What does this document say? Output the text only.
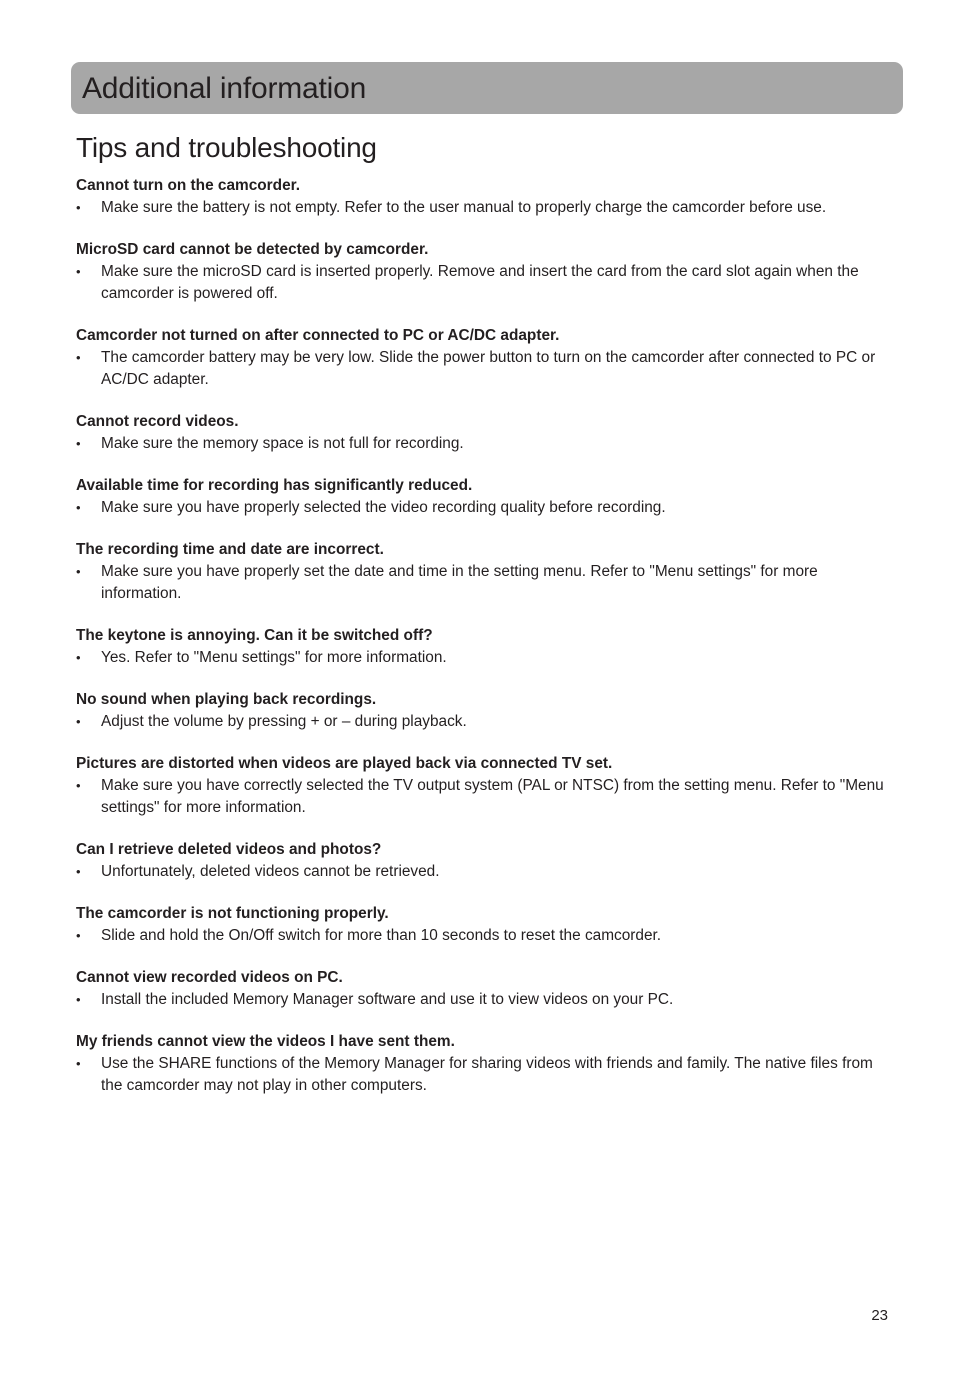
Additional information
Tips and troubleshooting

Cannot turn on the camcorder.

•	Make sure the battery is not empty. Refer to the user manual to properly charge the camcorder before use.

MicroSD card cannot be detected by camcorder.

•	Make sure the microSD card is inserted properly. Remove and insert the card from the card slot again when the camcorder is powered off.

Camcorder not turned on after connected to PC or AC/DC adapter.

•	The camcorder battery may be very low. Slide the power button to turn on the camcorder after connected to PC or AC/DC adapter.

Cannot record videos.

•	Make sure the memory space is not full for recording.

Available time for recording has significantly reduced.

•	Make sure you have properly selected the video recording quality before recording.

The recording time and date are incorrect.

•	Make sure you have properly set the date and time in the setting menu. Refer to "Menu settings" for more information.

The keytone is annoying. Can it be switched off?

•	Yes. Refer to "Menu settings" for more information.

No sound when playing back recordings.

•	Adjust the volume by pressing + or – during playback.

Pictures are distorted when videos are played back via connected TV set.

•	Make sure you have correctly selected the TV output system (PAL or NTSC) from the setting menu. Refer to "Menu settings" for more information.

Can I retrieve deleted videos and photos?

•	Unfortunately, deleted videos cannot be retrieved.

The camcorder is not functioning properly.

•	Slide and hold the On/Off switch for more than 10 seconds to reset the camcorder.

Cannot view recorded videos on PC.

•	Install the included Memory Manager software and use it to view videos on your PC.

My friends cannot view the videos I have sent them.

•	Use the SHARE functions of the Memory Manager for sharing videos with friends and family. The native files from the camcorder may not play in other computers.

23
